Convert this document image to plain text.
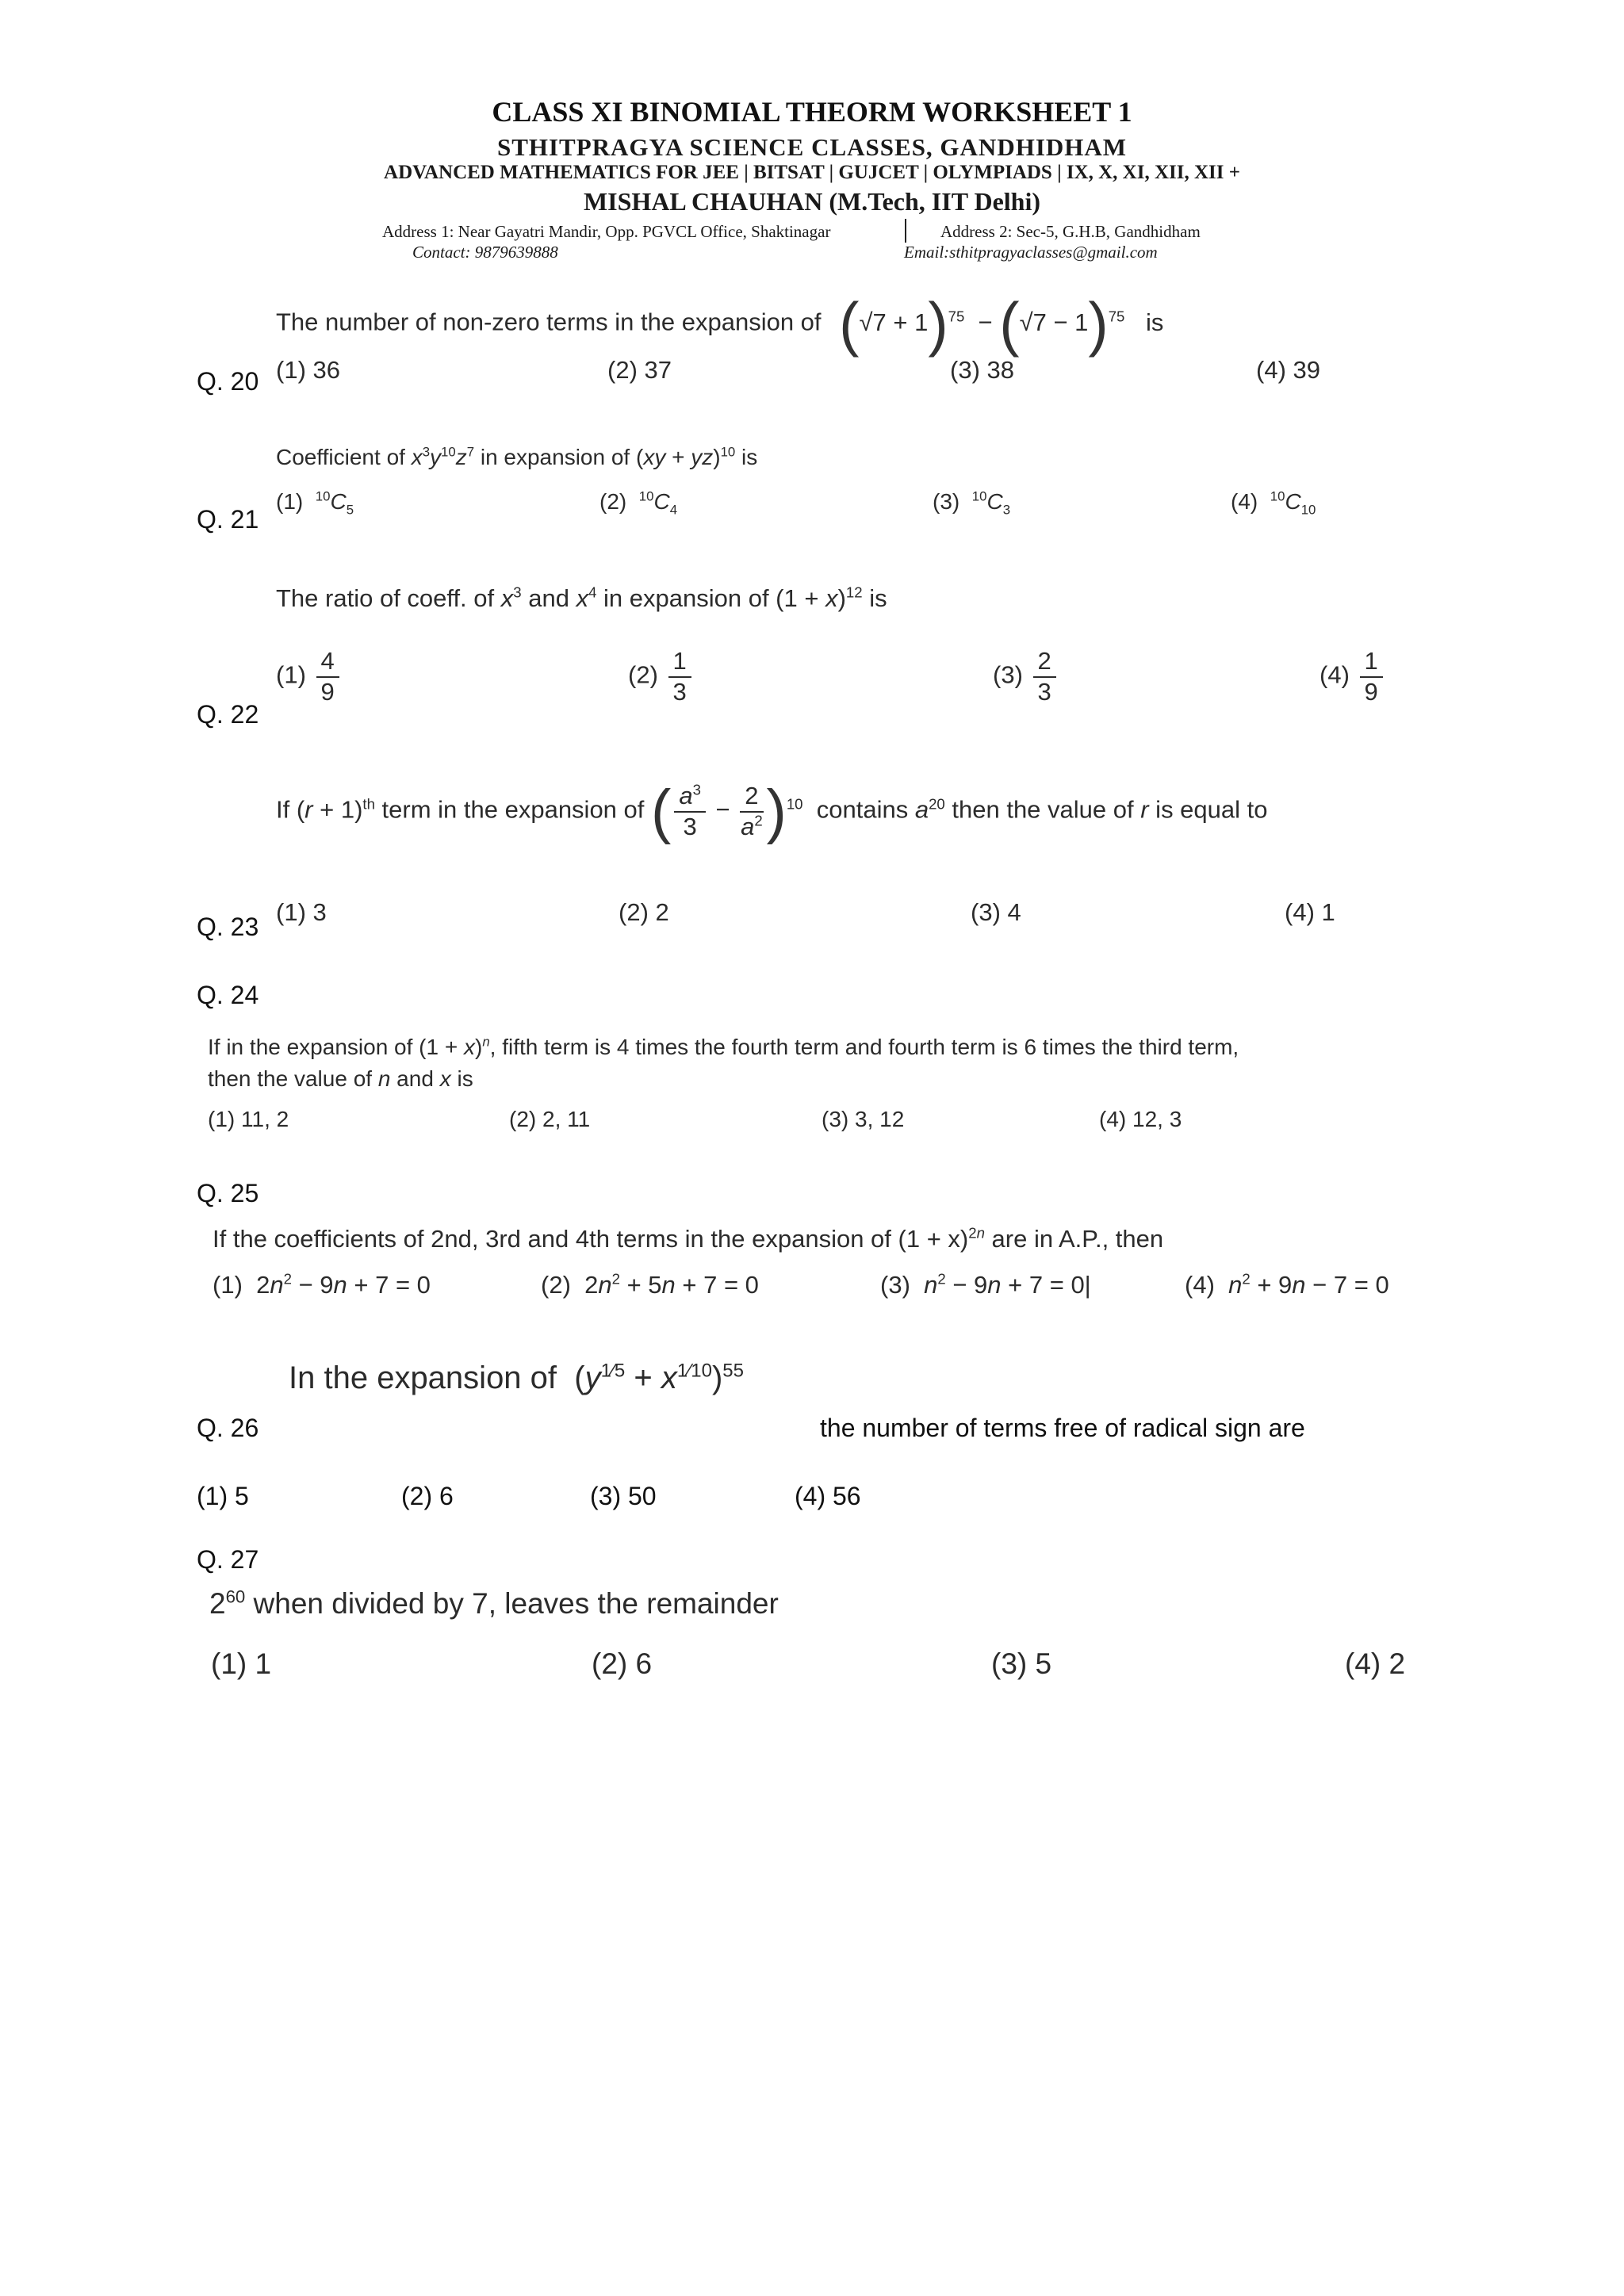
CLASS XI BINOMIAL THEORM WORKSHEET 1
STHITPRAGYA SCIENCE CLASSES, GANDHIDHAM
ADVANCED MATHEMATICS FOR JEE | BITSAT | GUJCET | OLYMPIADS | IX, X, XI, XII, XII +
MISHAL CHAUHAN (M.Tech, IIT Delhi)
Address 1: Near Gayatri Mandir, Opp. PGVCL Office, Shaktinagar	Address 2: Sec-5, G.H.B, Gandhidham
Contact: 9879639888	Email:sthitpragyaclasses@gmail.com
The number of non-zero terms in the expansion of $(√7 + 1)^{75} - (√7 - 1)^{75}$ is
Q. 20 (1) 36	(2) 37	(3) 38	(4) 39
Coefficient of $x^3y^{10}z^7$ in expansion of (xy + yz)$^{10}$ is
Q. 21
(1) $^{10}C_5$	(2) $^{10}C_4$	(3) $^{10}C_3$	(4) $^{10}C_{10}$
The ratio of coeff. of $x^3$ and $x^4$ in expansion of $(1 + x)^{12}$ is
Q. 22
$(1) \frac{4}{9}$	$(2) \frac{1}{3}$	$(3) \frac{2}{3}$	$(4) \frac{1}{9}$
If $(r + 1)^{th}$ term in the expansion of ( $\frac{a^3}{3} - \frac{2}{a^2} )^{10}$  contains $a^{20}$ then the value of r is equal to
Q. 23
(1) 3	(2) 2	(3) 4	(4) 1
Q. 24
If in the expansion of $(1 + x)^n$, fifth term is 4 times the fourth term and fourth term is 6 times the third term,
then the value of n and x is
(1) 11, 2	(2) 2, 11	(3) 3, 12	(4) 12, 3
Q. 25
If the coefficients of 2nd, 3rd and 4th terms in the expansion of $(1 + x)^{2n}$ are in A.P., then
(1)  $2n^2 - 9n + 7 = 0$	(2)  $2n^2 + 5n + 7 = 0$	(3) $n^2 - 9n + 7 = 0|$	(4) $n^2 + 9n - 7 = 0$
In the expansion of  $(y^{1⁄5} + x^{1⁄10})^{55}$
Q. 26	the number of terms free of radical sign are
(1) 5	(2) 6	(3) 50	(4) 56
Q. 27
$2^{60}$ when divided by 7, leaves the remainder
(1) 1	(2) 6	(3) 5	(4) 2
